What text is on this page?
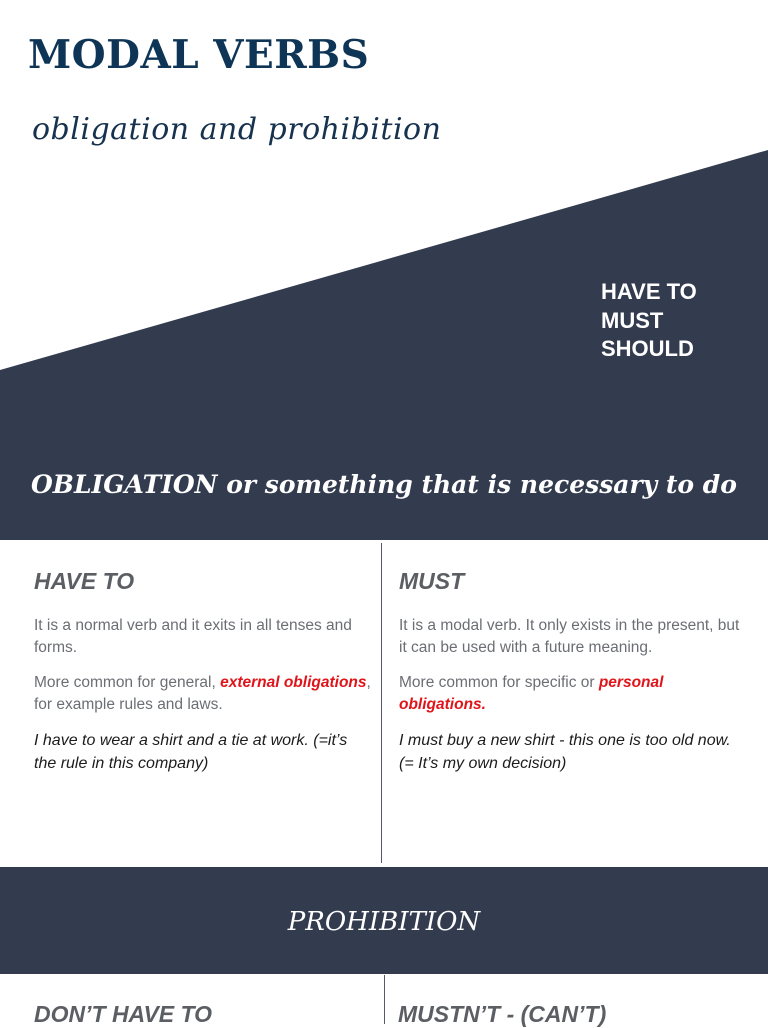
MODAL VERBS
obligation and prohibition
HAVE TO
MUST
SHOULD
OBLIGATION or something that is necessary to do
HAVE TO

It is a normal verb and it exits in all tenses and forms.

More common for general, external obligations, for example rules and laws.

I have to wear a shirt and a tie at work. (=it’s the rule in this company)

MUST

It is a modal verb. It only exists in the present, but it can be used with a future meaning.

More common for specific or personal obligations.

I must buy a new shirt - this one is too old now. (= It’s my own decision)

PROHIBITION
DON’T HAVE TO	MUSTN’T - (CAN’T)
